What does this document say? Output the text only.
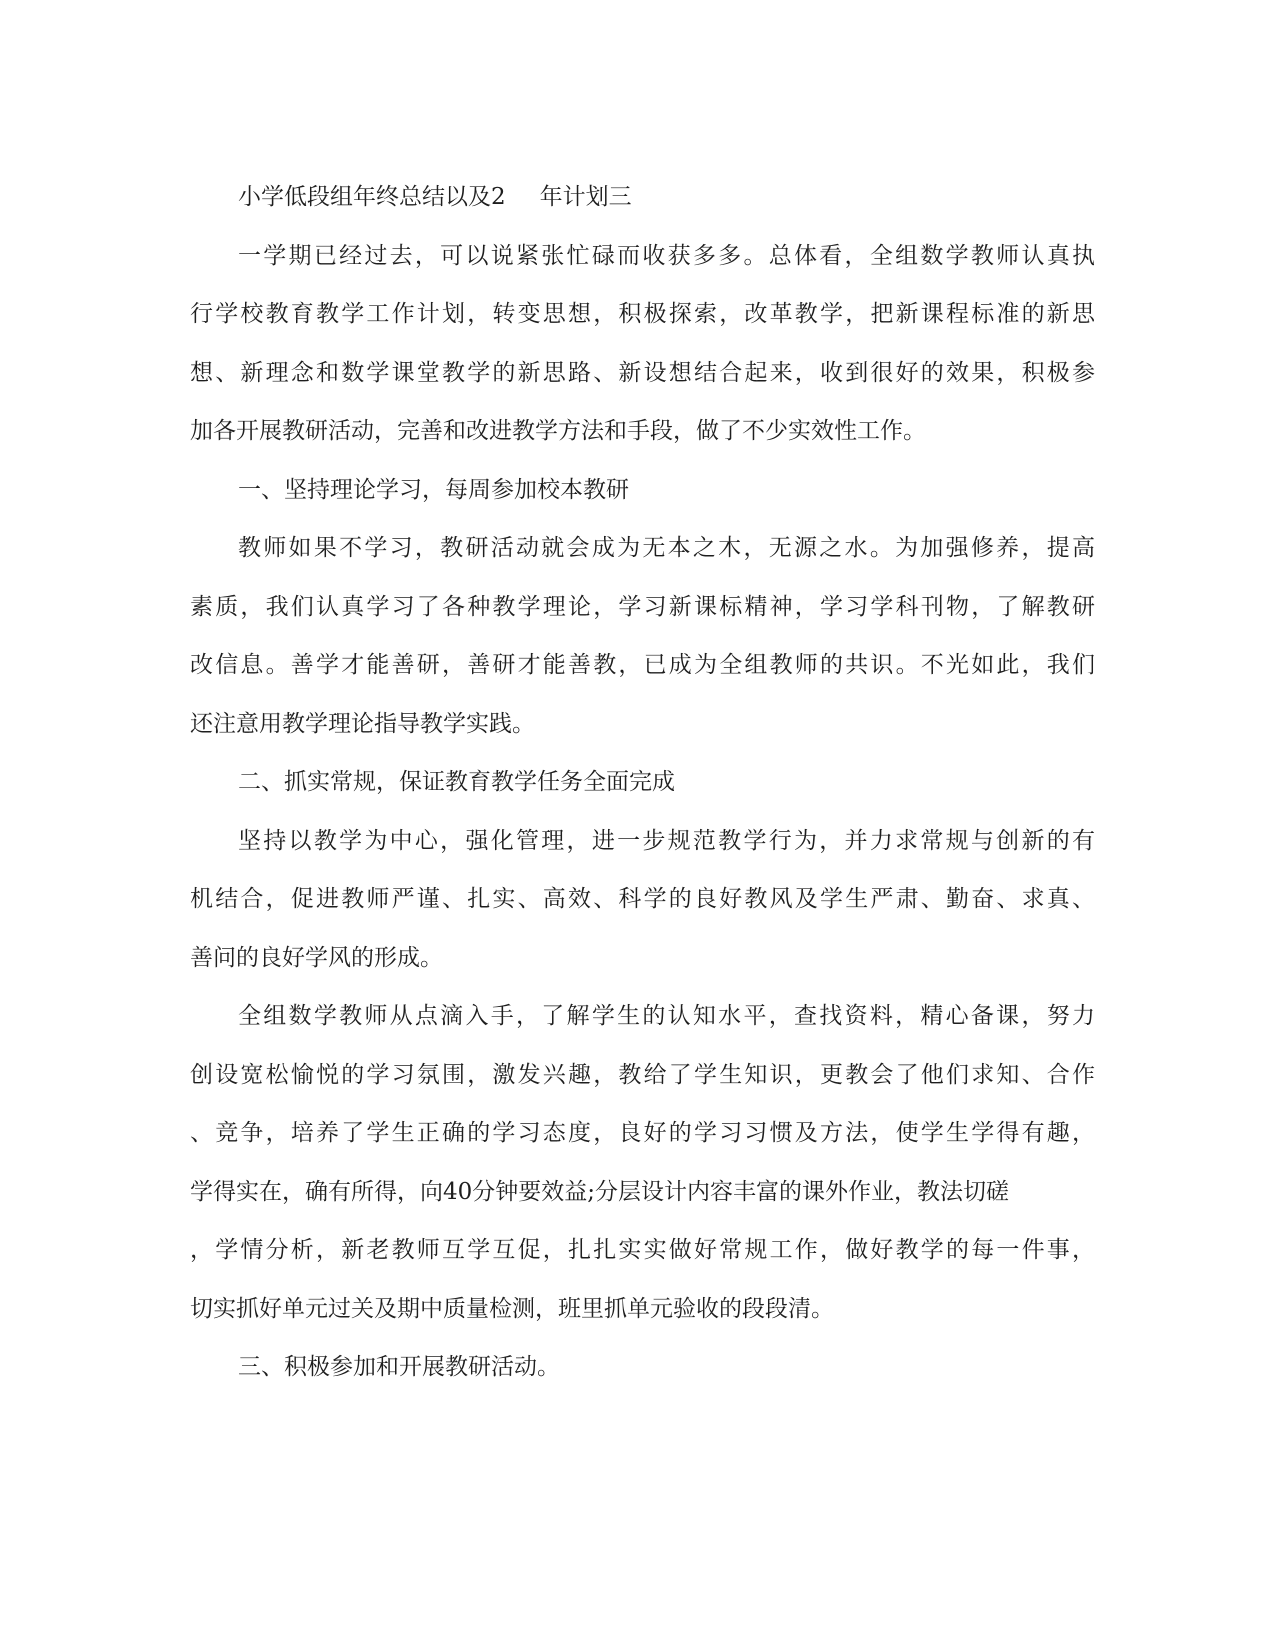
小学低段组年终总结以及2 年计划三
一学期已经过去，可以说紧张忙碌而收获多多。总体看，全组数学教师认真执
行学校教育教学工作计划，转变思想，积极探索，改革教学，把新课程标准的新思
想、新理念和数学课堂教学的新思路、新设想结合起来，收到很好的效果，积极参
加各开展教研活动，完善和改进教学方法和手段，做了不少实效性工作。
一、坚持理论学习，每周参加校本教研
教师如果不学习，教研活动就会成为无本之木，无源之水。为加强修养，提高
素质，我们认真学习了各种教学理论，学习新课标精神，学习学科刊物，了解教研
改信息。善学才能善研，善研才能善教，已成为全组教师的共识。不光如此，我们
还注意用教学理论指导教学实践。
二、抓实常规，保证教育教学任务全面完成
坚持以教学为中心，强化管理，进一步规范教学行为，并力求常规与创新的有
机结合，促进教师严谨、扎实、高效、科学的良好教风及学生严肃、勤奋、求真、
善问的良好学风的形成。
全组数学教师从点滴入手，了解学生的认知水平，查找资料，精心备课，努力
创设宽松愉悦的学习氛围，激发兴趣，教给了学生知识，更教会了他们求知、合作
、竞争，培养了学生正确的学习态度，良好的学习习惯及方法，使学生学得有趣，
学得实在，确有所得，向40分钟要效益;分层设计内容丰富的课外作业，教法切磋
，学情分析，新老教师互学互促，扎扎实实做好常规工作，做好教学的每一件事，
切实抓好单元过关及期中质量检测，班里抓单元验收的段段清。
三、积极参加和开展教研活动。
